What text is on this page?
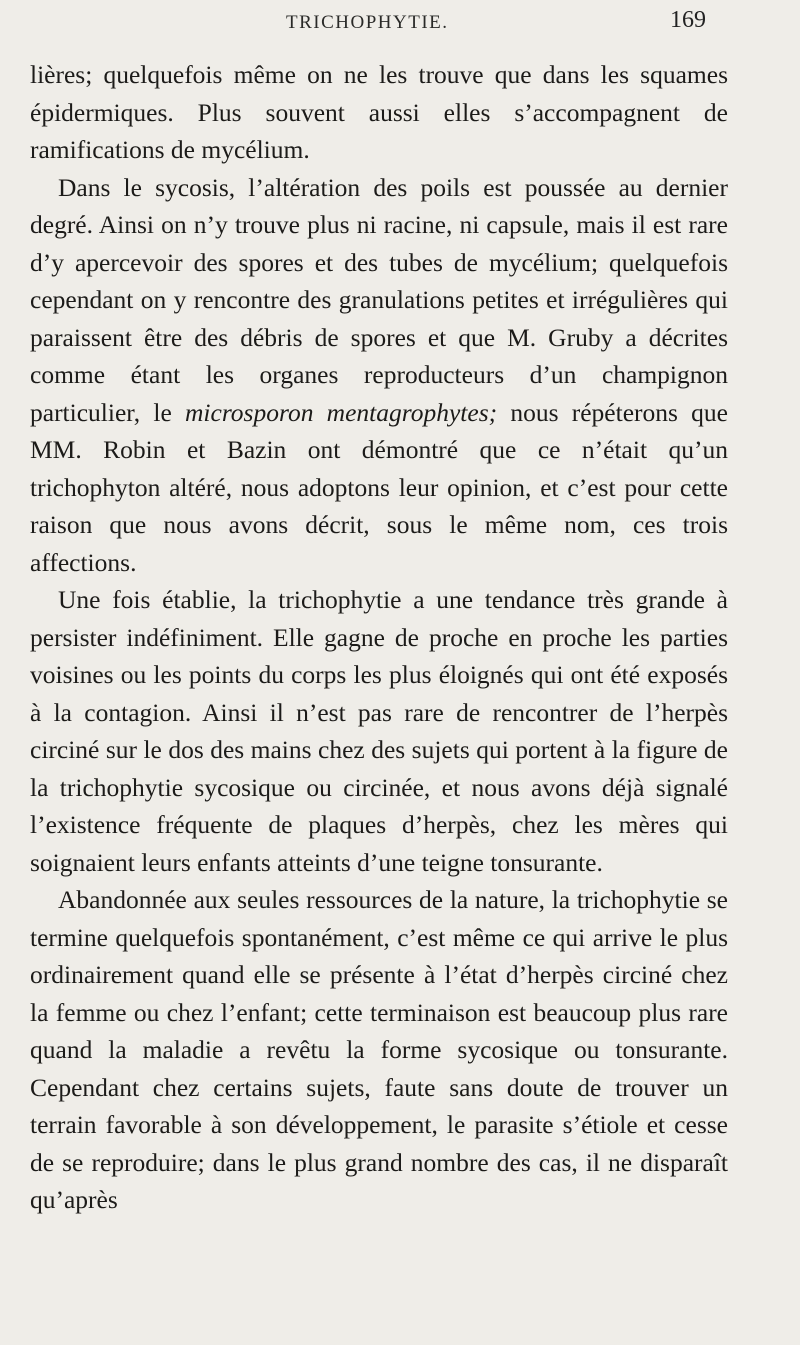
TRICHOPHYTIE.	169

lières; quelquefois même on ne les trouve que dans les squames épidermiques. Plus souvent aussi elles s’accompagnent de ramifications de mycélium.

Dans le sycosis, l’altération des poils est poussée au dernier degré. Ainsi on n’y trouve plus ni racine, ni capsule, mais il est rare d’y apercevoir des spores et des tubes de mycélium; quelquefois cependant on y rencontre des granulations petites et irrégulières qui paraissent être des débris de spores et que M. Gruby a décrites comme étant les organes reproducteurs d’un champignon particulier, le microsporon mentagrophytes; nous répéterons que MM. Robin et Bazin ont démontré que ce n’était qu’un trichophyton altéré, nous adoptons leur opinion, et c’est pour cette raison que nous avons décrit, sous le même nom, ces trois affections.

Une fois établie, la trichophytie a une tendance très grande à persister indéfiniment. Elle gagne de proche en proche les parties voisines ou les points du corps les plus éloignés qui ont été exposés à la contagion. Ainsi il n’est pas rare de rencontrer de l’herpès circiné sur le dos des mains chez des sujets qui portent à la figure de la trichophytie sycosique ou circinée, et nous avons déjà signalé l’existence fréquente de plaques d’herpès, chez les mères qui soignaient leurs enfants atteints d’une teigne tonsurante.

Abandonnée aux seules ressources de la nature, la trichophytie se termine quelquefois spontanément, c’est même ce qui arrive le plus ordinairement quand elle se présente à l’état d’herpès circiné chez la femme ou chez l’enfant; cette terminaison est beaucoup plus rare quand la maladie a revêtu la forme sycosique ou tonsurante. Cependant chez certains sujets, faute sans doute de trouver un terrain favorable à son développement, le parasite s’étiole et cesse de se reproduire; dans le plus grand nombre des cas, il ne disparaît qu’après
